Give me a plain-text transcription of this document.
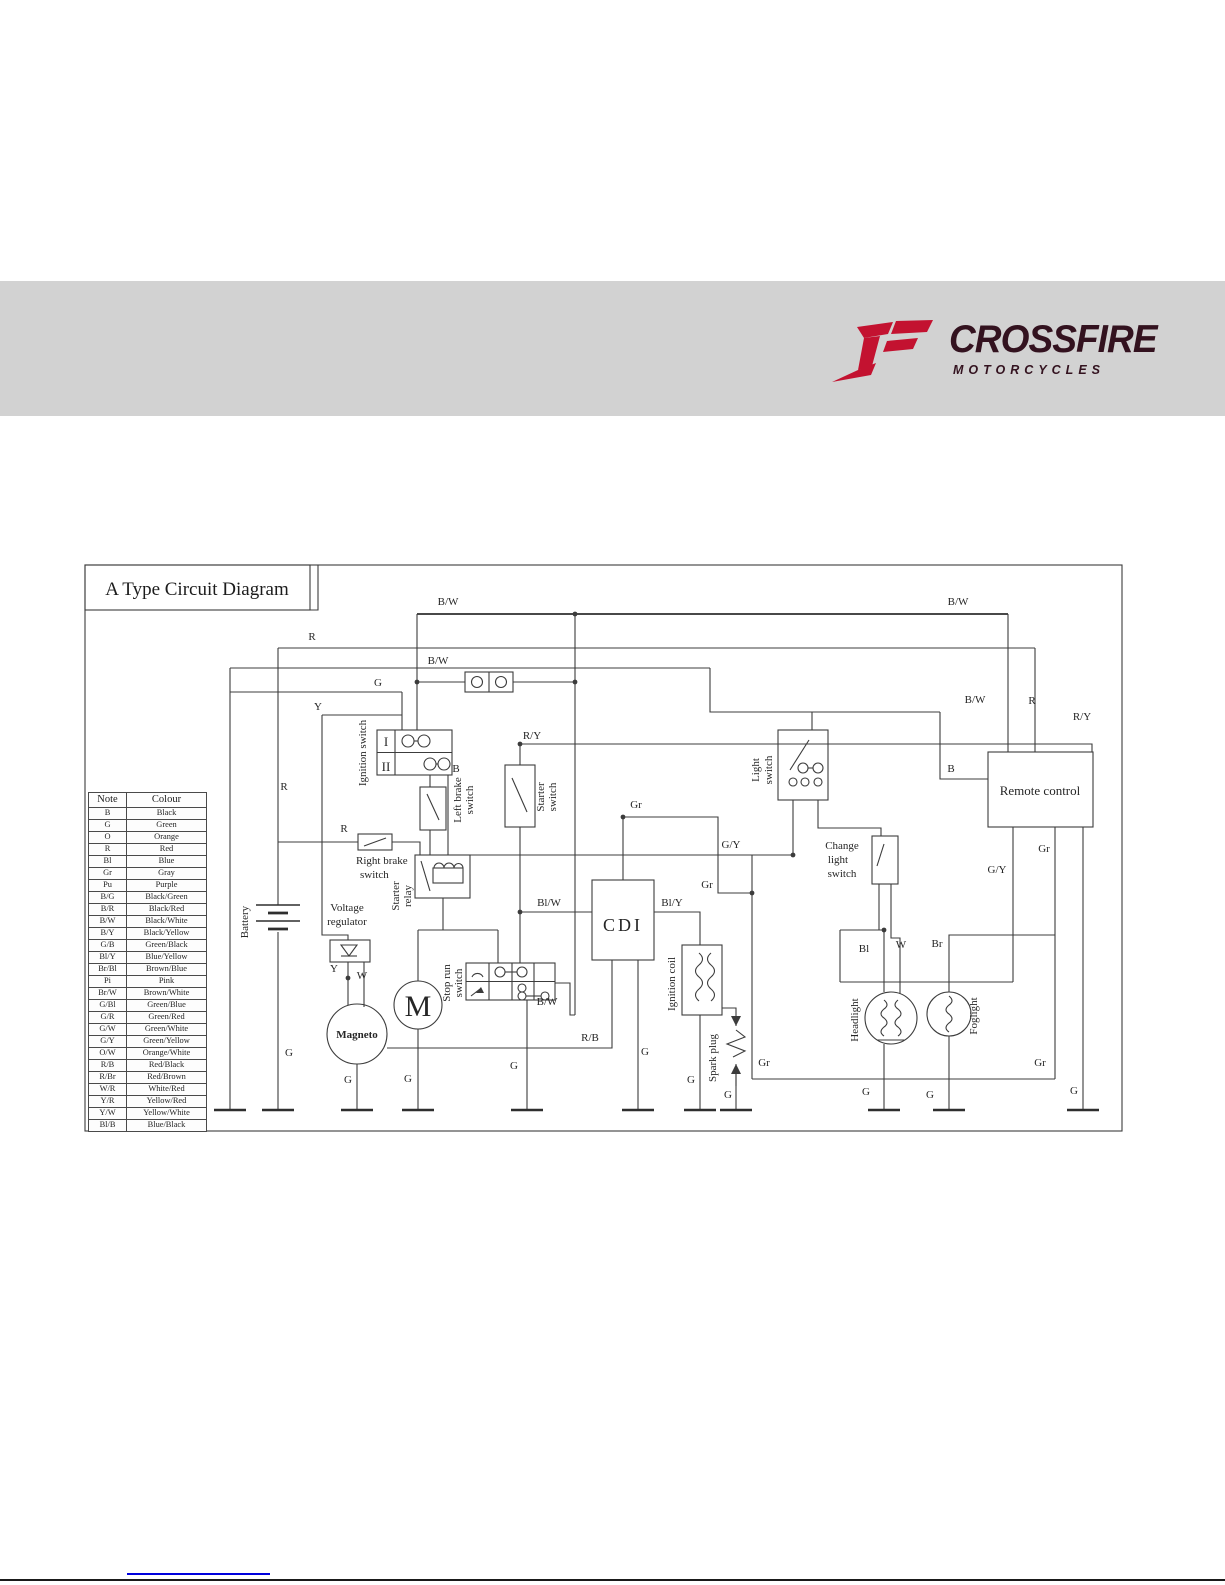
CROSSFIRE
MOTORCYCLES
A Type Circuit Diagram
Battery	Voltage
regulator
Magneto
M
I
II
Ignition switch
Right brake
switch
Left brake switch
Starter relay
Starter switch
Stop run switch
CDI
Ignition coil
Spark plug
Light switch
Change
light
switch
Remote control
Headlight	Foglight
B/W	B/W
R
B/W
G
Y
B/W	R
R/Y
R/Y
B
R
B
R
Gr
G/Y
Gr
Bl/W	Bl/Y
G/Y
Gr
Bl W Br
Y
W
B/W
R/B
G
G	G
G
G
G
G
Gr
G	G
Gr
G
Note	Colour
B	Black
G	Green
O	Orange
R	Red
Bl	Blue
Gr	Gray
Pu	Purple
B/G	Black/Green
B/R	Black/Red
B/W	Black/White
B/Y	Black/Yellow
G/B	Green/Black
Bl/Y	Blue/Yellow
Br/Bl	Brown/Blue
Pi	Pink
Br/W	Brown/White
G/Bl	Green/Blue
G/R	Green/Red
G/W	Green/White
G/Y	Green/Yellow
O/W	Orange/White
R/B	Red/Black
R/Br	Red/Brown
W/R	White/Red
Y/R	Yellow/Red
Y/W	Yellow/White
Bl/B	Blue/Black
